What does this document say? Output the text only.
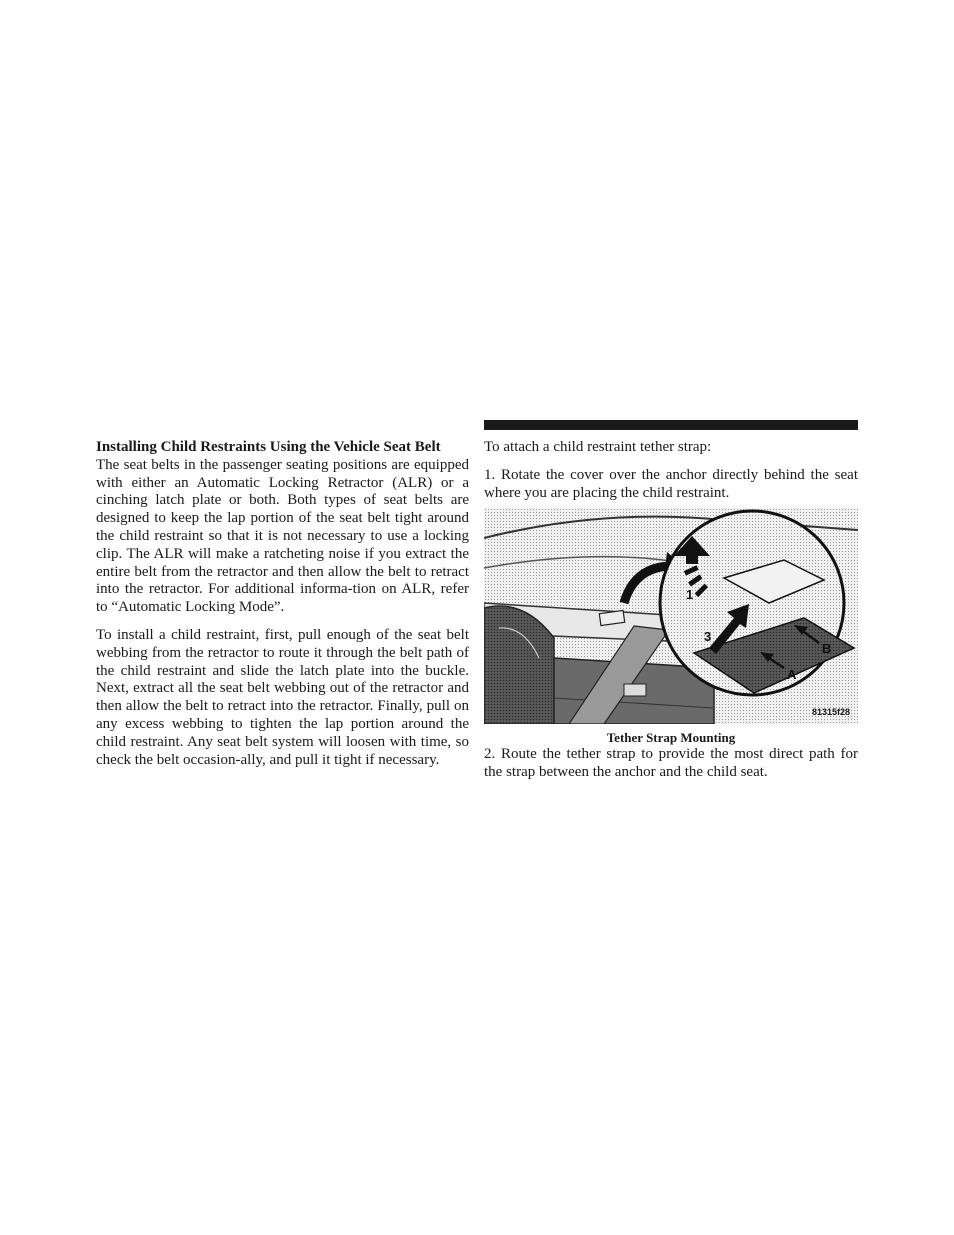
Installing Child Restraints Using the Vehicle Seat Belt

The seat belts in the passenger seating positions are equipped with either an Automatic Locking Retractor (ALR) or a cinching latch plate or both. Both types of seat belts are designed to keep the lap portion of the seat belt tight around the child restraint so that it is not necessary to use a locking clip. The ALR will make a ratcheting noise if you extract the entire belt from the retractor and then allow the belt to retract into the retractor. For additional informa-tion on ALR, refer to “Automatic Locking Mode”.

To install a child restraint, first, pull enough of the seat belt webbing from the retractor to route it through the belt path of the child restraint and slide the latch plate into the buckle. Next, extract all the seat belt webbing out of the retractor and then allow the belt to retract into the retractor. Finally, pull on any excess webbing to tighten the lap portion around the child restraint. Any seat belt system will loosen with time, so check the belt occasion-ally, and pull it tight if necessary.

To attach a child restraint tether strap:

1. Rotate the cover over the anchor directly behind the seat where you are placing the child restraint.

1
3
A
B
81315f28

Tether Strap Mounting

2. Route the tether strap to provide the most direct path for the strap between the anchor and the child seat.
